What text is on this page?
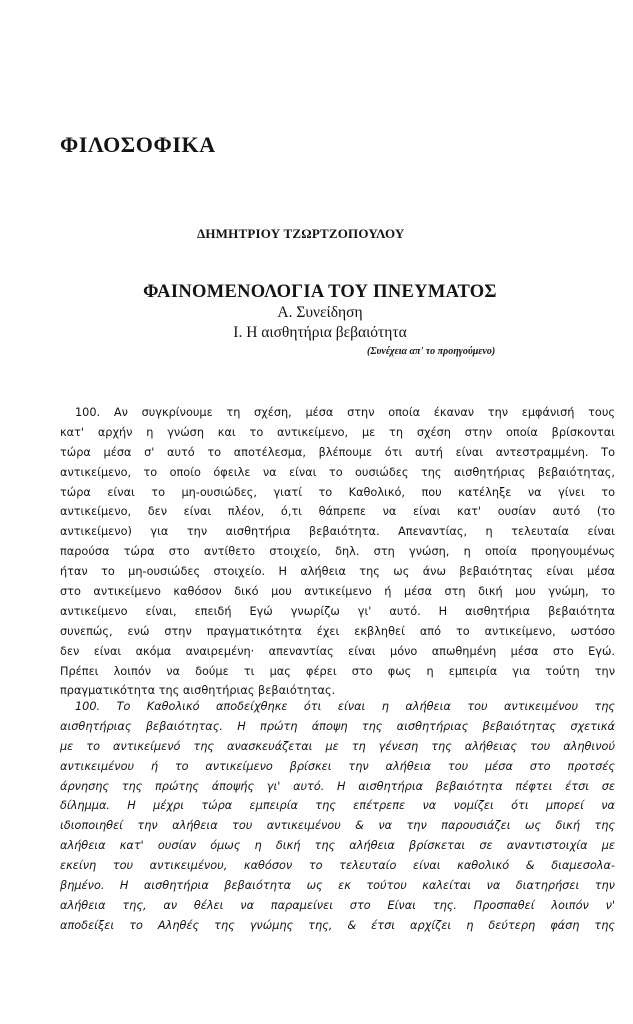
ΦΙΛΟΣΟΦΙΚΑ
ΔΗΜΗΤΡΙΟΥ ΤΖΩΡΤΖΟΠΟΥΛΟΥ
ΦΑΙΝΟΜΕΝΟΛΟΓΙΑ ΤΟΥ ΠΝΕΥΜΑΤΟΣ
Α. Συνείδηση
Ι. Η αισθητήρια βεβαιότητα
(Συνέχεια απ' το προηγούμενο)
100. Αν συγκρίνουμε τη σχέση, μέσα στην οποία έκαναν την εμφάνισή τους
κατ' αρχήν η γνώση και το αντικείμενο, με τη σχέση στην οποία βρίσκονται
τώρα μέσα σ' αυτό το αποτέλεσμα, βλέπουμε ότι αυτή είναι αντεστραμμένη. Το
αντικείμενο, το οποίο όφειλε να είναι το ουσιώδες της αισθητήριας βεβαιότητας,
τώρα είναι το μη-ουσιώδες, γιατί το Καθολικό, που κατέληξε να γίνει το
αντικείμενο, δεν είναι πλέον, ό,τι θάπρεπε να είναι κατ' ουσίαν αυτό (το
αντικείμενο) για την αισθητήρια βεβαιότητα. Απεναντίας, η τελευταία είναι
παρούσα τώρα στο αντίθετο στοιχείο, δηλ. στη γνώση, η οποία προηγουμένως
ήταν το μη-ουσιώδες στοιχείο. Η αλήθεια της ως άνω βεβαιότητας είναι μέσα
στο αντικείμενο καθόσον δικό μου αντικείμενο ή μέσα στη δική μου γνώμη, το
αντικείμενο είναι, επειδή Εγώ γνωρίζω γι' αυτό. Η αισθητήρια βεβαιότητα
συνεπώς, ενώ στην πραγματικότητα έχει εκβληθεί από το αντικείμενο, ωστόσο
δεν είναι ακόμα αναιρεμένη· απεναντίας είναι μόνο απωθημένη μέσα στο Εγώ.
Πρέπει λοιπόν να δούμε τι μας φέρει στο φως η εμπειρία για τούτη την
πραγματικότητα της αισθητήριας βεβαιότητας.
100. Το Καθολικό αποδείχθηκε ότι είναι η αλήθεια του αντικειμένου της
αισθητήριας βεβαιότητας. Η πρώτη άποψη της αισθητήριας βεβαιότητας σχετικά
με το αντικείμενό της ανασκευάζεται με τη γένεση της αλήθειας του αληθινού
αντικειμένου ή το αντικείμενο βρίσκει την αλήθεια του μέσα στο προτσές
άρνησης της πρώτης άποψής γι' αυτό. Η αισθητήρια βεβαιότητα πέφτει έτσι σε
δίλημμα. Η μέχρι τώρα εμπειρία της επέτρεπε να νομίζει ότι μπορεί να
ιδιοποιηθεί την αλήθεια του αντικειμένου & να την παρουσιάζει ως δική της
αλήθεια κατ' ουσίαν όμως η δική της αλήθεια βρίσκεται σε αναντιστοιχία με
εκείνη του αντικειμένου, καθόσον το τελευταίο είναι καθολικό & διαμεσολα-
βημένο. Η αισθητήρια βεβαιότητα ως εκ τούτου καλείται να διατηρήσει την
αλήθεια της, αν θέλει να παραμείνει στο Είναι της. Προσπαθεί λοιπόν ν'
αποδείξει το Αληθές της γνώμης της, & έτσι αρχίζει η δεύτερη φάση της
